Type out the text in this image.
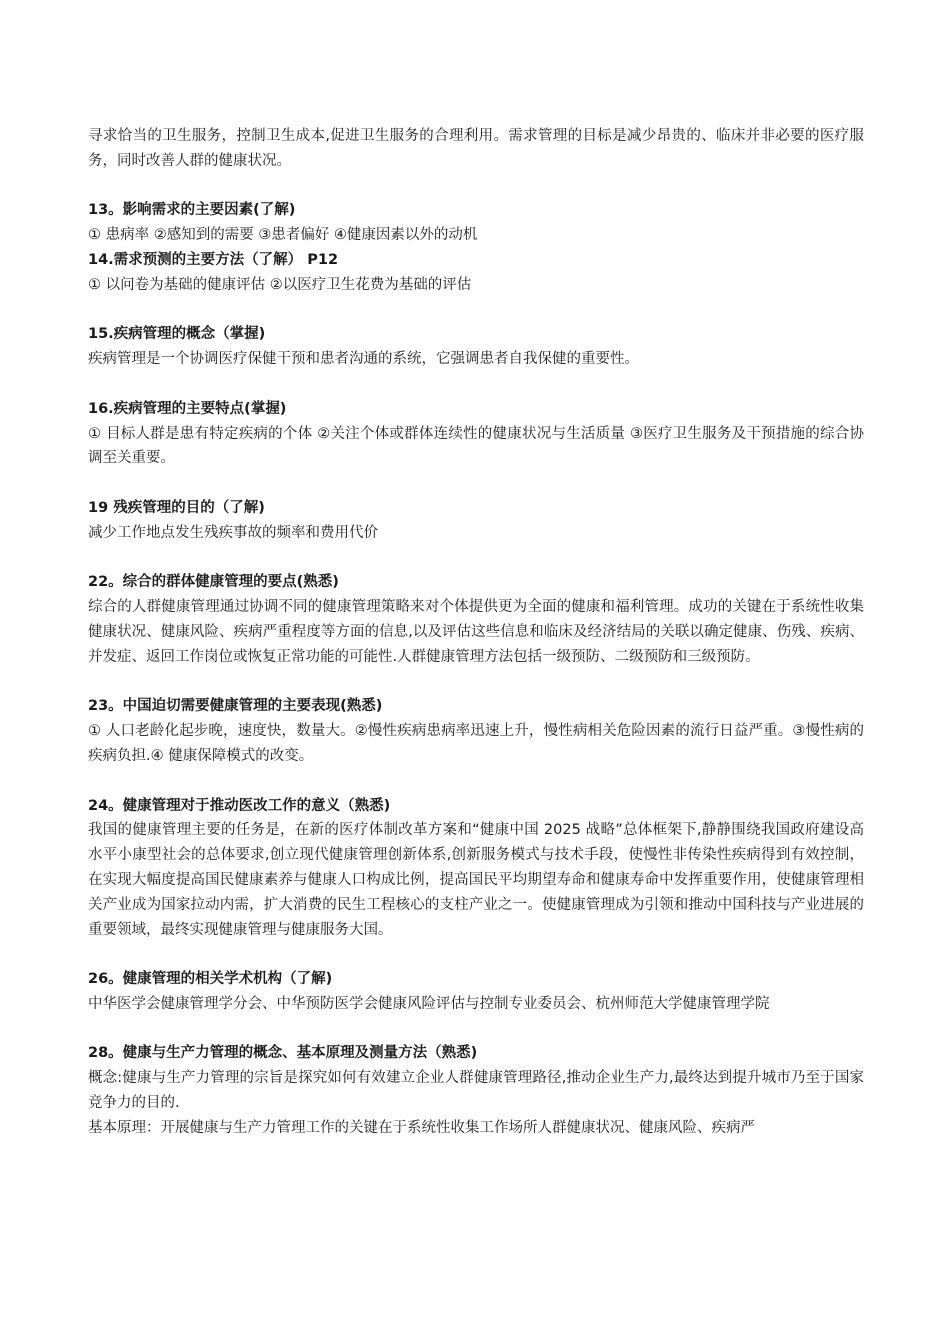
寻求恰当的卫生服务，控制卫生成本,促进卫生服务的合理利用。需求管理的目标是减少昂贵的、临床并非必要的医疗服务，同时改善人群的健康状况。

13。影响需求的主要因素(了解)

① 患病率 ②感知到的需要 ③患者偏好 ④健康因素以外的动机

14.需求预测的主要方法（了解） P12

① 以问卷为基础的健康评估 ②以医疗卫生花费为基础的评估

15.疾病管理的概念（掌握)

疾病管理是一个协调医疗保健干预和患者沟通的系统，它强调患者自我保健的重要性。

16.疾病管理的主要特点(掌握)

① 目标人群是患有特定疾病的个体 ②关注个体或群体连续性的健康状况与生活质量 ③医疗卫生服务及干预措施的综合协调至关重要。

19 残疾管理的目的（了解)

减少工作地点发生残疾事故的频率和费用代价

22。综合的群体健康管理的要点(熟悉)

综合的人群健康管理通过协调不同的健康管理策略来对个体提供更为全面的健康和福利管理。成功的关键在于系统性收集健康状况、健康风险、疾病严重程度等方面的信息,以及评估这些信息和临床及经济结局的关联以确定健康、伤残、疾病、并发症、返回工作岗位或恢复正常功能的可能性.人群健康管理方法包括一级预防、二级预防和三级预防。

23。中国迫切需要健康管理的主要表现(熟悉)

① 人口老龄化起步晚，速度快，数量大。②慢性疾病患病率迅速上升，慢性病相关危险因素的流行日益严重。③慢性病的疾病负担.④ 健康保障模式的改变。

24。健康管理对于推动医改工作的意义（熟悉)

我国的健康管理主要的任务是，在新的医疗体制改革方案和“健康中国 2025 战略”总体框架下,静静围绕我国政府建设高水平小康型社会的总体要求,创立现代健康管理创新体系,创新服务模式与技术手段，使慢性非传染性疾病得到有效控制，在实现大幅度提高国民健康素养与健康人口构成比例，提高国民平均期望寿命和健康寿命中发挥重要作用，使健康管理相关产业成为国家拉动内需，扩大消费的民生工程核心的支柱产业之一。使健康管理成为引领和推动中国科技与产业进展的重要领域，最终实现健康管理与健康服务大国。

26。健康管理的相关学术机构（了解)

中华医学会健康管理学分会、中华预防医学会健康风险评估与控制专业委员会、杭州师范大学健康管理学院

28。健康与生产力管理的概念、基本原理及测量方法（熟悉)

概念:健康与生产力管理的宗旨是探究如何有效建立企业人群健康管理路径,推动企业生产力,最终达到提升城市乃至于国家竞争力的目的.

基本原理：开展健康与生产力管理工作的关键在于系统性收集工作场所人群健康状况、健康风险、疾病严
